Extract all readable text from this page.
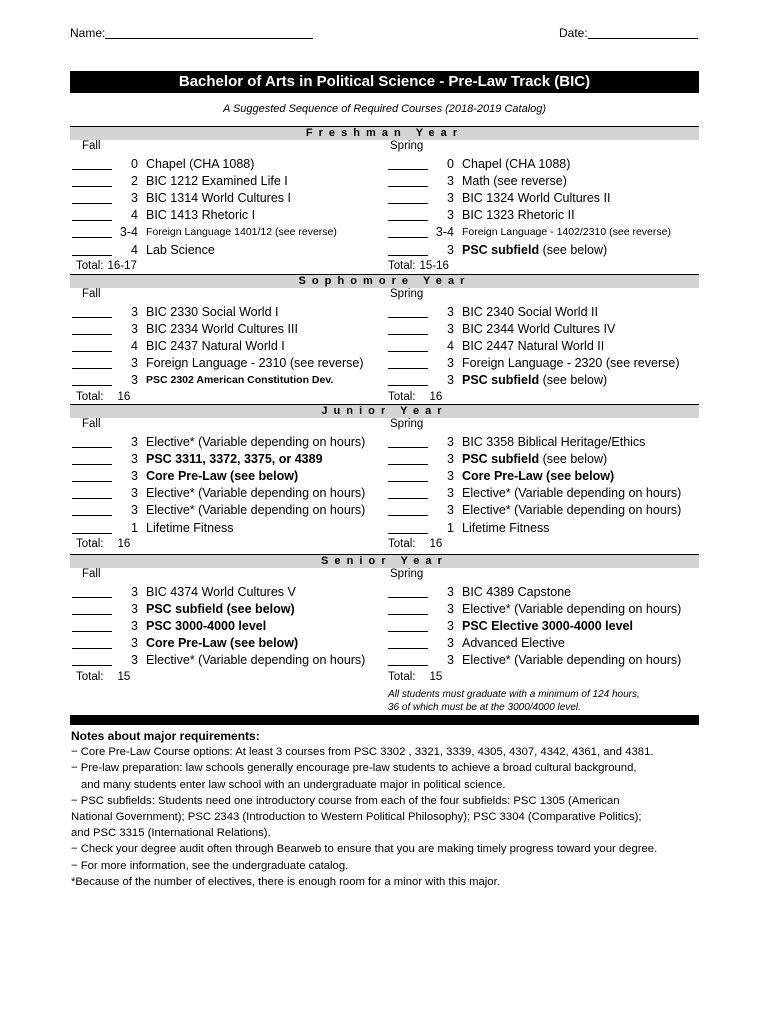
Name:	Date:
Bachelor of Arts in Political Science - Pre-Law Track (BIC)
A Suggested Sequence of Required Courses (2018-2019 Catalog)
Freshman Year
Fall
0 Chapel (CHA 1088)
2 BIC 1212 Examined Life I
3 BIC 1314 World Cultures I
4 BIC 1413 Rhetoric I
3-4 Foreign Language 1401/12 (see reverse)
4 Lab Science
Total: 16-17
Spring
0 Chapel (CHA 1088)
3 Math (see reverse)
3 BIC 1324 World Cultures II
3 BIC 1323 Rhetoric II
3-4 Foreign Language - 1402/2310 (see reverse)
3 PSC subfield (see below)
Total: 15-16
Sophomore Year
Fall
3 BIC 2330 Social World I
3 BIC 2334 World Cultures III
4 BIC 2437 Natural World I
3 Foreign Language - 2310 (see reverse)
3 PSC 2302 American Constitution Dev.
Total: 16
Spring
3 BIC 2340 Social World II
3 BIC 2344 World Cultures IV
4 BIC 2447 Natural World II
3 Foreign Language - 2320 (see reverse)
3 PSC subfield (see below)
Total: 16
Junior Year
Fall
3 Elective* (Variable depending on hours)
3 PSC 3311, 3372, 3375, or 4389
3 Core Pre-Law (see below)
3 Elective* (Variable depending on hours)
3 Elective* (Variable depending on hours)
1 Lifetime Fitness
Total: 16
Spring
3 BIC 3358 Biblical Heritage/Ethics
3 PSC subfield (see below)
3 Core Pre-Law (see below)
3 Elective* (Variable depending on hours)
3 Elective* (Variable depending on hours)
1 Lifetime Fitness
Total: 16
Senior Year
Fall
3 BIC 4374 World Cultures V
3 PSC subfield (see below)
3 PSC 3000-4000 level
3 Core Pre-Law (see below)
3 Elective* (Variable depending on hours)
Total: 15
Spring
3 BIC 4389 Capstone
3 Elective* (Variable depending on hours)
3 PSC Elective 3000-4000 level
3 Advanced Elective
3 Elective* (Variable depending on hours)
Total: 15
All students must graduate with a minimum of 124 hours,
36 of which must be at the 3000/4000 level.

Notes about major requirements:

− Core Pre-Law Course options: At least 3 courses from PSC 3302 , 3321, 3339, 4305, 4307, 4342, 4361, and 4381.

− Pre-law preparation: law schools generally encourage pre-law students to achieve a broad cultural background,

and many students enter law school with an undergraduate major in political science.

− PSC subfields: Students need one introductory course from each of the four subfields: PSC 1305 (American

National Government); PSC 2343 (Introduction to Western Political Philosophy); PSC 3304 (Comparative Politics);

and PSC 3315 (International Relations).

− Check your degree audit often through Bearweb to ensure that you are making timely progress toward your degree.

− For more information, see the undergraduate catalog.

*Because of the number of electives, there is enough room for a minor with this major.
